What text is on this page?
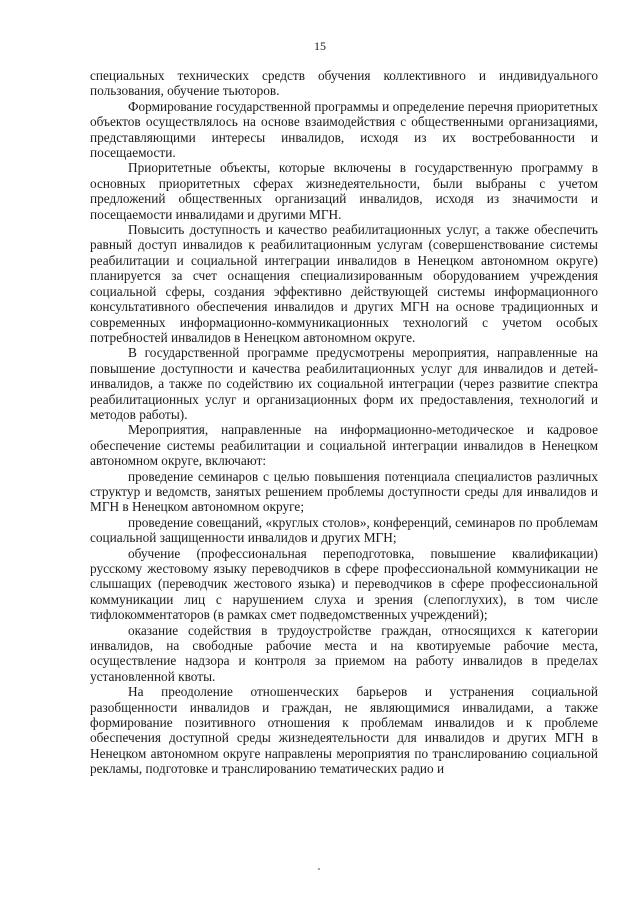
15

специальных технических средств обучения коллективного и индивидуального пользования, обучение тьюторов.

Формирование государственной программы и определение перечня приоритетных объектов осуществлялось на основе взаимодействия с общественными организациями, представляющими интересы инвалидов, исходя из их востребованности и посещаемости.

Приоритетные объекты, которые включены в государственную программу в основных приоритетных сферах жизнедеятельности, были выбраны с учетом предложений общественных организаций инвалидов, исходя из значимости и посещаемости инвалидами и другими МГН.

Повысить доступность и качество реабилитационных услуг, а также обеспечить равный доступ инвалидов к реабилитационным услугам (совершенствование системы реабилитации и социальной интеграции инвалидов в Ненецком автономном округе) планируется за счет оснащения специализированным оборудованием учреждения социальной сферы, создания эффективно действующей системы информационного консультативного обеспечения инвалидов и других МГН на основе традиционных и современных информационно-коммуникационных технологий с учетом особых потребностей инвалидов в Ненецком автономном округе.

В государственной программе предусмотрены мероприятия, направленные на повышение доступности и качества реабилитационных услуг для инвалидов и детей-инвалидов, а также по содействию их социальной интеграции (через развитие спектра реабилитационных услуг и организационных форм их предоставления, технологий и методов работы).

Мероприятия, направленные на информационно-методическое и кадровое обеспечение системы реабилитации и социальной интеграции инвалидов в Ненецком автономном округе, включают:

проведение семинаров с целью повышения потенциала специалистов различных структур и ведомств, занятых решением проблемы доступности среды для инвалидов и МГН в Ненецком автономном округе;

проведение совещаний, «круглых столов», конференций, семинаров по проблемам социальной защищенности инвалидов и других МГН;

обучение (профессиональная переподготовка, повышение квалификации) русскому жестовому языку переводчиков в сфере профессиональной коммуникации не слышащих (переводчик жестового языка) и переводчиков в сфере профессиональной коммуникации лиц с нарушением слуха и зрения (слепоглухих), в том числе тифлокомментаторов (в рамках смет подведомственных учреждений);

оказание содействия в трудоустройстве граждан, относящихся к категории инвалидов, на свободные рабочие места и на квотируемые рабочие места, осуществление надзора и контроля за приемом на работу инвалидов в пределах установленной квоты.

На преодоление отношенческих барьеров и устранения социальной разобщенности инвалидов и граждан, не являющимися инвалидами, а также формирование позитивного отношения к проблемам инвалидов и к проблеме обеспечения доступной среды жизнедеятельности для инвалидов и других МГН в Ненецком автономном округе направлены мероприятия по транслированию социальной рекламы, подготовке и транслированию тематических радио и
